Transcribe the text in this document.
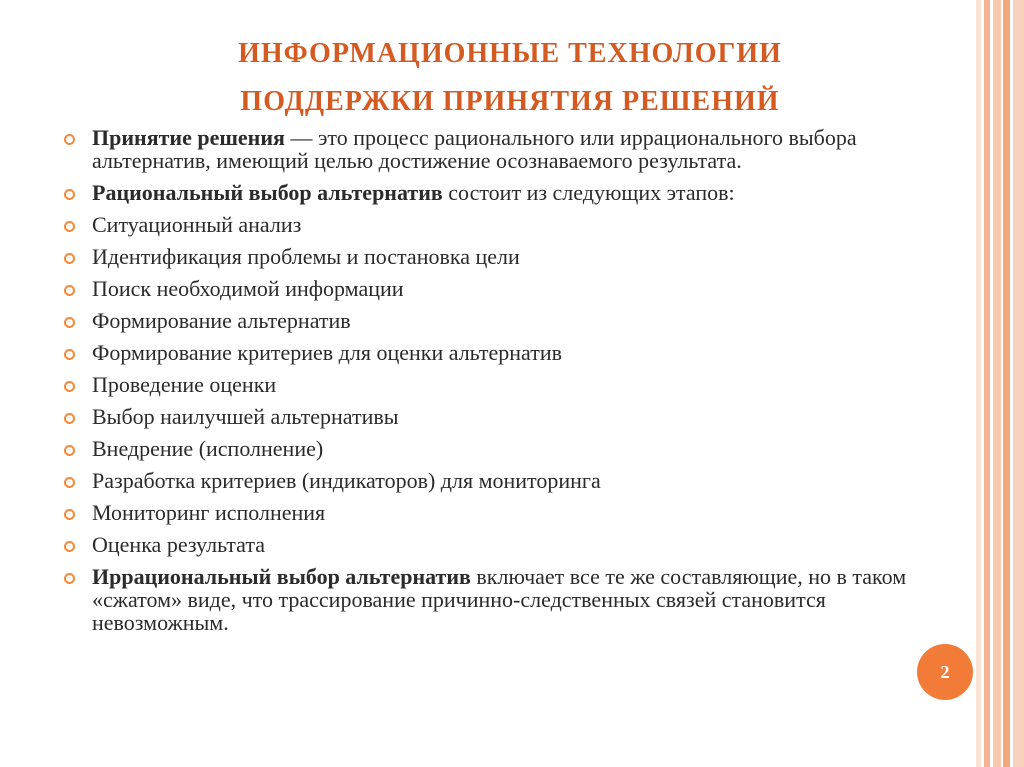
ИНФОРМАЦИОННЫЕ ТЕХНОЛОГИИ
ПОДДЕРЖКИ ПРИНЯТИЯ РЕШЕНИЙ
Принятие решения — это процесс рационального или иррационального выбора альтернатив, имеющий целью достижение осознаваемого результата.
Рациональный выбор альтернатив состоит из следующих этапов:
Ситуационный анализ
Идентификация проблемы и постановка цели
Поиск необходимой информации
Формирование альтернатив
Формирование критериев для оценки альтернатив
Проведение оценки
Выбор наилучшей альтернативы
Внедрение (исполнение)
Разработка критериев (индикаторов) для мониторинга
Мониторинг исполнения
Оценка результата
Иррациональный выбор альтернатив включает все те же составляющие, но в таком «сжатом» виде, что трассирование причинно-следственных связей становится невозможным.
2
